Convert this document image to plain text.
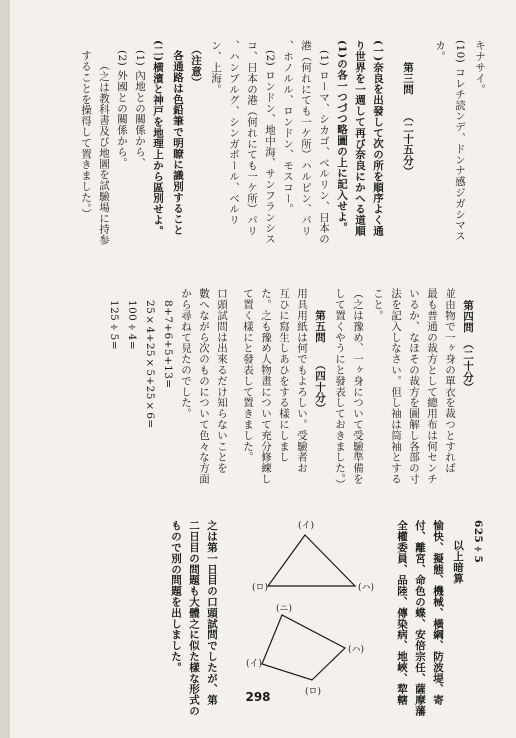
キナサイ。
(10) コレチ読ンデ、ドンナ感ジガシマス
カ。
第三問　　（二十五分）
(一)奈良を出發して次の所を順序よく通
り世界を一週して再び奈良にかへる道順
(1)の各一つづつ略圖の上に記入せよ。
(1) ローマ、シカゴ、ベルリン、日本の
港（何れにても一ケ所）ハルピン、パリ
、ホノルル、ロンドン、モスコー。
(2) ロンドン、地中海、サンフランシス
コ、日本の港（何れにても一ケ所）パリ
、ハンブルグ、シンガポール、ベルリ
ン、上海。
（注意）
各通路は色鉛筆で明瞭に識別すること
(二)横濱と神戸を地理上から區別せよ。
(1) 內地との關係から、
(2) 外國との關係から。
（之は教科書及び地圖を試驗場に持参
することを操得して置きました。）
第四問　（二十分）
並由物で一ヶ身の單衣を裁つとすれば
最も普通の裁方として總用布は何センチ
いるか、なほその裁方を圖解し各部の寸
法を記入しなさい。但し袖は筒袖とする
こと。
（之は豫め、一ヶ身について受驗準備を
して置くやうにと發表しておきました。）
第五問　　（四十分）
用具用紙は何でもよろしい。受驗者お
互ひに寫生しあひをする樣にしまし
た。之も豫め人物畫について充分修練し
て置く樣にと發表して置きました。
口頭試問は出來るだけ知らないことを
數へながら次のものについて色々な方面
から尋ねて見たのでした。
8+7+6+5+13=
25×4+25×5+25×6=
100÷4=
125÷5=
625÷5
以上暗算
愉快、擬態、機械、橫綱、防波堤、寄
付、離宮、命色の蝶、安倍宗任、薩摩藩
全權委員、品陸、傳染病、地峽、犂轄
之は第一日目の口頭試問でしたが、第
二日目の問題も大體之に似た樣な形式の
もので別の問題を出しました。	(イ)
(ロ)	(ハ)
(ニ)
(イ)
(ロ)
(ハ)
298
